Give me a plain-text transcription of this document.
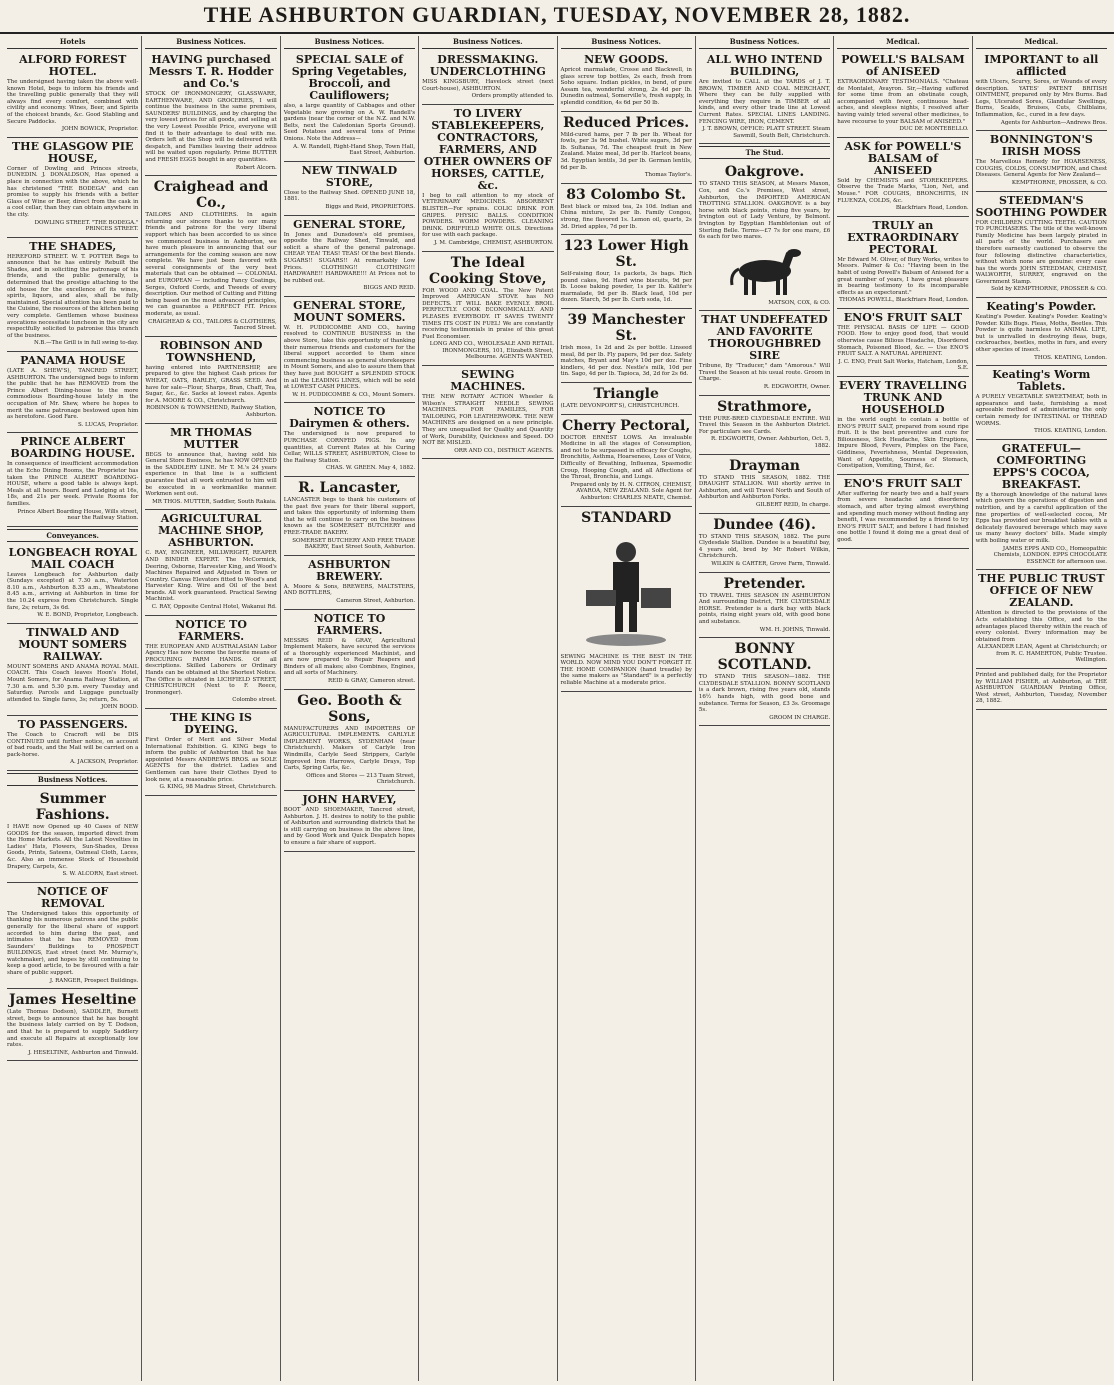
THE ASHBURTON GUARDIAN, TUESDAY, NOVEMBER 28, 1882.
Hotels
ALFORD FOREST HOTEL.

The undersigned having taken the above well-known Hotel, begs to inform his friends and the travelling public generally that they will always find every comfort, combined with civility and economy. Wines, Beer, and Spirits of the choicest brands, &c. Good Stabling and Secure Paddocks.

JOHN BOWICK, Proprietor.

THE GLASGOW PIE HOUSE,

Corner of Dowling and Princes streets, DUNEDIN. J. DONALDSON, Has opened a place in connection with the above, which he has christened "THE BODEGA" and can promise to supply his friends with a better Glass of Wine or Beer, direct from the cask in a cool cellar, than they can obtain anywhere in the city.

DOWLING STREET. "THE BODEGA." PRINCES STREET.

THE SHADES,

HEREFORD STREET. W. T. POTTER Begs to announce that he has entirely Rebuilt the Shades, and in soliciting the patronage of his friends, and the public generally, is determined that the prestige attaching to the old house for the excellence of its wines, spirits, liquors, and ales, shall be fully maintained. Special attention has been paid to the Cuisine, the resources of the kitchen being very complete. Gentlemen whose business avocations necessitate luncheon in the city are respectfully solicited to patronise this branch of the business.

N.B.—The Grill is in full swing to-day.

PANAMA HOUSE

(LATE A. SHEW'S), TANCRED STREET, ASHBURTON. The undersigned begs to inform the public that he has REMOVED from the Prince Albert Dining-house to the more commodious Boarding-house lately in the occupation of Mr. Shew, where he hopes to merit the same patronage bestowed upon him as heretofore. Good Fare.

S. LUCAS, Proprietor.

PRINCE ALBERT BOARDING HOUSE.

In consequence of insufficient accommodation at the Echo Dining Rooms, the Proprietor has taken the PRINCE ALBERT BOARDING-HOUSE, where a good table is always kept. Meals at all hours. Board and Lodging at 16s, 18s, and 21s per week. Private Rooms for families.

Prince Albert Boarding House, Wills street, near the Railway Station.

Conveyances.
LONGBEACH ROYAL MAIL COACH

Leaves Longbeach for Ashburton daily (Sundays excepted) at 7.30 a.m., Waterton 8.10 a.m., Ashburton 8.35 a.m., Wheatstone 8.45 a.m., arriving at Ashburton in time for the 10.24 express from Christchurch. Single fare, 2s; return, 3s 6d.

W. E. BOND, Proprietor, Longbeach.

TINWALD AND MOUNT SOMERS RAILWAY.

MOUNT SOMERS AND ANAMA ROYAL MAIL COACH. This Coach leaves Hoon's Hotel, Mount Somers, for Anama Railway Station, at 7.30 a.m. and 5.30 p.m. every Tuesday and Saturday. Parcels and Luggage punctually attended to. Single fares, 3s; return, 5s.

JOHN BOOD.

TO PASSENGERS.

The Coach to Cracroft will be DIS CONTINUED until further notice, on account of bad roads, and the Mail will be carried on a pack-horse.

A. JACKSON, Proprietor.

Business Notices.
Summer Fashions.

I HAVE now Opened up 40 Cases of NEW GOODS for the season, imported direct from the Home Markets. All the Latest Novelties in Ladies' Hats, Flowers, Sun-Shades, Dress Goods, Prints, Sateens, Oatmeal Cloth, Laces, &c. Also an immense Stock of Household Drapery, Carpets, &c.

S. W. ALCORN, East street.

NOTICE OF REMOVAL

The Undersigned takes this opportunity of thanking his numerous patrons and the public generally for the liberal share of support accorded to him during the past, and intimates that he has REMOVED from Saunders' Buildings to PROSPECT BUILDINGS, East street (next Mr. Murray's, watchmaker), and hopes by still continuing to keep a good article, to be favoured with a fair share of public support.

J. RANGER, Prospect Buildings.

James Heseltine

(Late Thomas Dodson), SADDLER, Burnett street, begs to announce that he has bought the business lately carried on by T. Dodson, and that he is prepared to supply Saddlery and execute all Repairs at exceptionally low rates.

J. HESELTINE, Ashburton and Tinwald.

Business Notices.
HAVING purchased Messrs T. R. Hodder and Co.'s

STOCK OF IRONMONGERY, GLASSWARE, EARTHENWARE, AND GROCERIES, I will continue the business in the same premises, SAUNDERS' BUILDINGS, and by charging the very lowest prices for all goods, and selling at the very Lowest Possible Price, everyone will find it to their advantage to deal with me. Orders left at the Shop will be delivered with despatch, and Families leaving their address will be waited upon regularly. Prime BUTTER and FRESH EGGS bought in any quantities.

Robert Alcorn.

Craighead and Co.,

TAILORS AND CLOTHIERS. In again returning our sincere thanks to our many friends and patrons for the very liberal support which has been accorded to us since we commenced business in Ashburton, we have much pleasure in announcing that our arrangements for the coming season are now complete. We have just been favored with several consignments of the very best materials that can be obtained — COLONIAL and EUROPEAN — including Fancy Coatings, Serges, Oxford Cords, and Tweeds of every description. Our method of Cutting and Fitting being based on the most advanced principles, we can guarantee a PERFECT FIT. Prices moderate, as usual.

CRAIGHEAD & CO., TAILORS & CLOTHIERS, Tancred Street.

ROBINSON AND TOWNSHEND,

having entered into PARTNERSHIP, are prepared to give the highest Cash prices for WHEAT, OATS, BARLEY, GRASS SEED. And have for sale—Flour, Sharps, Bran, Chaff, Tea, Sugar, &c., &c. Sacks at lowest rates. Agents for A. MOORE & CO., Christchurch.

ROBINSON & TOWNSHEND, Railway Station, Ashburton.

MR THOMAS MUTTER

BEGS to announce that, having sold his General Store Business, he has NOW OPENED in the SADDLERY LINE. Mr T. M.'s 24 years experience in that line is a sufficient guarantee that all work entrusted to him will be executed in a workmanlike manner. Workmen sent out.

MR THOS. MUTTER, Saddler, South Rakaia.

AGRICULTURAL MACHINE SHOP, ASHBURTON.

C. RAY, ENGINEER, MILLWRIGHT, REAPER AND BINDER EXPERT. The McCormick, Deering, Osborne, Harvester King, and Wood's Machines Repaired and Adjusted in Town or Country. Canvas Elevators fitted to Wood's and Harvester King. Wire and Oil of the best brands. All work guaranteed. Practical Sewing Machinist.

C. RAY, Opposite Central Hotel, Wakanui Rd.

NOTICE TO FARMERS.

THE EUROPEAN AND AUSTRALASIAN Labor Agency Has now become the favorite means of PROCURING FARM HANDS. Of all descriptions. Skilled Laborers or Ordinary Hands can be obtained at the Shortest Notice. The Office is situated in LICHFIELD STREET, CHRISTCHURCH (Next to F. Reece, Ironmonger).

Colombo street.

THE KING IS DYEING.

First Order of Merit and Silver Medal International Exhibition. G. KING begs to inform the public of Ashburton that he has appointed Messrs ANDREWS BROS. as SOLE AGENTS for the district. Ladies and Gentlemen can have their Clothes Dyed to look new, at a reasonable price.

G. KING, 98 Madras Street, Christchurch.

Business Notices.
SPECIAL SALE of Spring Vegetables, Broccoli, and Cauliflowers;

also, a large quantity of Cabbages and other Vegetable now growing on A. W. Randell's gardens (near the corner of the N.Z. and N.W. Belts, next the Caledonian Sports Ground). Seed Potatoes and several tons of Prime Onions. Note the Address—

A. W. Randell, Right-Hand Shop, Town Hall, East Street, Ashburton.

NEW TINWALD STORE,

Close to the Railway Shed. OPENED JUNE 18, 1881.

Biggs and Reid, PROPRIETORS.

GENERAL STORE,

In Jones and Dunsdown's old premises, opposite the Railway Shed, Tinwald, and solicit a share of the general patronage. CHEAP. YEA! TEAS! TEAS! Of the best Blends. SUGARS!! SUGARS!! At remarkably Low Prices. CLOTHING!! CLOTHING!!! HARDWARE!! HARDWARE!!! At Prices not to be rubbed out.

BIGGS AND REID.

GENERAL STORE, MOUNT SOMERS.

W. H. PUDDICOMBE AND CO., having resolved to CONTINUE BUSINESS in the above Store, take this opportunity of thanking their numerous friends and customers for the liberal support accorded to them since commencing business as general storekeepers in Mount Somers, and also to assure them that they have just BOUGHT a SPLENDID STOCK in all the LEADING LINES, which will be sold at LOWEST CASH PRICES.

W. H. PUDDICOMBE & CO., Mount Somers.

NOTICE TO Dairymen & others.

The undersigned is now prepared to PURCHASE CORNFED PIGS. In any quantities, at Current Rates at his Curing Cellar, WILLS STREET, ASHBURTON, Close to the Railway Station.

CHAS. W. GREEN. May 4, 1882.

R. Lancaster,

LANCASTER begs to thank his customers of the past five years for their liberal support, and takes this opportunity of informing them that he will continue to carry on the business known as the SOMERSET BUTCHERY and FREE-TRADE BAKERY.

SOMERSET BUTCHERY AND FREE TRADE BAKERY, East Street South, Ashburton.

ASHBURTON BREWERY.

A. Moore & Sons, BREWERS, MALTSTERS, AND BOTTLERS,

Cameron Street, Ashburton.

NOTICE TO FARMERS.

MESSRS REID & GRAY, Agricultural Implement Makers, have secured the services of a thoroughly experienced Machinist, and are now prepared to Repair Reapers and Binders of all makes; also Combines, Engines, and all sorts of Machinery.

REID & GRAY, Cameron street.

Geo. Booth & Sons,

MANUFACTURERS AND IMPORTERS OF AGRICULTURAL IMPLEMENTS. CARLYLE IMPLEMENT WORKS, SYDENHAM (near Christchurch). Makers of Carlyle Iron Windmills, Carlyle Seed Strippers, Carlyle Improved Iron Harrows, Carlyle Drays, Top Carts, Spring Carts, &c.

Offices and Stores — 213 Tuam Street, Christchurch.

JOHN HARVEY,

BOOT AND SHOEMAKER, Tancred street, Ashburton. J. H. desires to notify to the public of Ashburton and surrounding districts that he is still carrying on business in the above line, and by Good Work and Quick Despatch hopes to ensure a fair share of support.

Business Notices.
DRESSMAKING. UNDERCLOTHING

MISS KINGSBURY, Havelock street (next Court-house), ASHBURTON.

Orders promptly attended to.

TO LIVERY STABLEKEEPERS, CONTRACTORS, FARMERS, AND OTHER OWNERS OF HORSES, CATTLE, &c.

I beg to call attention to my stock of VETERINARY MEDICINES. ABSORBENT BLISTER—For sprains. COLIC DRINK FOR GRIPES. PHYSIC BALLS. CONDITION POWDERS. WORM POWDERS. CLEANING DRINK. DRIFFIELD WHITE OILS. Directions for use with each package.

J. M. Cambridge, CHEMIST, ASHBURTON.

The Ideal Cooking Stove,

FOR WOOD AND COAL. The New Patent Improved AMERICAN STOVE has NO DEFECTS. IT WILL BAKE EVENLY. BROIL PERFECTLY. COOK ECONOMICALLY. AND PLEASES EVERYBODY. IT SAVES TWENTY TIMES ITS COST IN FUEL! We are constantly receiving testimonials in praise of this great Fuel Economiser.

LONG AND CO., WHOLESALE AND RETAIL IRONMONGERS, 101, Elizabeth Street, Melbourne. AGENTS WANTED.

SEWING MACHINES.

THE NEW ROTARY ACTION Wheeler & Wilson's STRAIGHT NEEDLE SEWING MACHINES. FOR FAMILIES, FOR TAILORING, FOR LEATHERWORK. THE NEW MACHINES are designed on a new principle. They are unequalled for Quality and Quantity of Work, Durability, Quickness and Speed. DO NOT BE MISLED.

ORR AND CO., DISTRICT AGENTS.

Business Notices.
NEW GOODS.

Apricot marmalade, Crosse and Blackwell, in glass screw top bottles, 2s each, fresh from Soho square. Indian pickles, in bend, of pure Assam tea, wonderful strong, 2s 4d per lb. Dunedin oatmeal, Somerville's, fresh supply, in splendid condition, 4s 6d per 50 lb.

Reduced Prices.

Mild-cured hams, per 7 lb per lb. Wheat for fowls, per 3s 9d bushel. White sugars, 3d per lb. Sultanas, 7d. The cheapest fruit in New Zealand. Maize meal, 3d per lb. Harlcot beans, 3d. Egyptian lentils, 3d per lb. German lentils, 6d per lb.

Thomas Taylor's.

83 Colombo St.

Best black or mixed tea, 2s 10d. Indian and China mixture, 2s per lb. Family Congou, strong, fine flavored 1s. Lemon oil, quarts, 2s 3d. Dried apples, 7d per lb.

123 Lower High St.

Self-raising flour, 1s packets, 3s bags. Rich pound cakes, 9d. Hard wine biscuits, 9d per lb. Loose baking powder, 1s per lb. Kalifer's marmalade, 9d per lb. Black lead, 10d per dozen. Starch, 5d per lb. Curb soda, 1d.

39 Manchester St.

Irish moss, 1s 2d and 2s per bottle. Linseed meal, 8d per lb. Fly papers, 9d per doz. Safety matches, Bryant and May's 10d per doz. Fine kindlers, 4d per doz. Nestle's milk, 10d per tin. Sago, 4d per lb. Tapioca, 3d, 2d for 2s 6d.

Triangle

(LATE DEVONPORT'S), CHRISTCHURCH.

Cherry Pectoral,

DOCTOR ERNEST LOWS. An invaluable Medicine in all the stages of Consumption, and not to be surpassed in efficacy for Coughs, Bronchitis, Asthma, Hoarseness, Loss of Voice, Difficulty of Breathing, Influenza, Spasmodic Croup, Hooping Cough, and all Affections of the Throat, Bronchia, and Lungs.

Prepared only by H. N. CITRON, CHEMIST, AVAROA, NEW ZEALAND. Sole Agent for Ashburton: CHARLES NEATE, Chemist.

STANDARD

SEWING MACHINE IS THE BEST IN THE WORLD. NOW MIND YOU DON'T FORGET IT. THE HOME COMPANION (hand treadle) by the same makers as "Standard" is a perfectly reliable Machine at a moderate price.

Business Notices.
ALL WHO INTEND BUILDING,

Are invited to CALL at the YARDS of J. T. BROWN, TIMBER AND COAL MERCHANT, Where they can be fully supplied with everything they require in TIMBER of all kinds, and every other trade line at Lowest Current Rates. SPECIAL LINES LANDING. FENCING WIRE, IRON, CEMENT.

J. T. BROWN, OFFICE: PLATT STREET. Steam Sawmill, South Belt, Christchurch.

The Stud.
Oakgrove.

TO STAND THIS SEASON, at Messrs Maxon, Cox, and Co.'s Premises, West street, Ashburton, the IMPORTED AMERICAN TROTTING STALLION. OAKGROVE is a bay horse with black points, rising five years, by Irvington out of Lady Venture, by Belmont. Irvington by Egyptian Hambletonian out of Sterling Belle. Terms—£7 7s for one mare, £6 6s each for two mares.

MATSON, COX, & CO.

THAT UNDEFEATED AND FAVORITE THOROUGHBRED SIRE

Tribune, By "Traducer," dam "Amorous." Will Travel the Season at his usual route. Groom in Charge.

R. EDGWORTH, Owner.

Strathmore,

THE PURE-BRED CLYDESDALE ENTIRE. Will Travel this Season in the Ashburton District. For particulars see Cards.

R. EDGWORTH, Owner. Ashburton, Oct. 5, 1882.

Drayman

TO STAND THIS SEASON, 1882. THE DRAUGHT STALLION. Will shortly arrive in Ashburton, and will Travel North and South of Ashburton and Ashburton Forks.

GILBERT REID, In charge.

Dundee (46).

TO STAND THIS SEASON, 1882. The pure Clydesdale Stallion. Dundee is a beautiful bay, 4 years old, bred by Mr Robert Wilkin, Christchurch.

WILKIN & CARTER, Grove Farm, Tinwald.

Pretender.

TO TRAVEL THIS SEASON IN ASHBURTON And surrounding District, THE CLYDESDALE HORSE. Pretender is a dark bay with black points, rising eight years old, with good bone and substance.

WM. H. JOHNS, Tinwald.

BONNY SCOTLAND.

TO STAND THIS SEASON—1882. THE CLYDESDALE STALLION. BONNY SCOTLAND is a dark brown, rising five years old, stands 16½ hands high, with good bone and substance. Terms for Season, £3 3s. Groomage 5s.

GROOM IN CHARGE.

Medical.
POWELL'S BALSAM of ANISEED

EXTRAORDINARY TESTIMONIALS. "Chateau de Montalet, Avayron. Sir,—Having suffered for some time from an obstinate cough, accompanied with fever, continuous head-aches, and sleepless nights, I resolved after having vainly tried several other medicines, to have recourse to your BALSAM of ANISEED."

DUC DE MONTEBELLO.

ASK for POWELL'S BALSAM of ANISEED

Sold by CHEMISTS and STOREKEEPERS. Observe the Trade Marks, "Lion, Net, and Mouse." FOR COUGHS, BRONCHITIS, IN FLUENZA, COLDS, &c.

Blackfriars Road, London.

TRULY an EXTRAORDINARY PECTORAL

Mr Edward M. Oliver, of Bury Works, writes to Messrs. Palmer & Co.: "Having been in the habit of using Powell's Balsam of Aniseed for a great number of years, I have great pleasure in bearing testimony to its incomparable effects as an expectorant."

THOMAS POWELL, Blackfriars Road, London.

ENO'S FRUIT SALT

THE PHYSICAL BASIS OF LIFE — GOOD FOOD. How to enjoy good food, that would otherwise cause Bilious Headache, Disordered Stomach, Poisoned Blood, &c. — Use ENO'S FRUIT SALT. A NATURAL APERIENT.

J. C. ENO, Fruit Salt Works, Hatcham, London, S.E.

EVERY TRAVELLING TRUNK AND HOUSEHOLD

in the world ought to contain a bottle of ENO'S FRUIT SALT, prepared from sound ripe fruit. It is the best preventive and cure for Biliousness, Sick Headache, Skin Eruptions, Impure Blood, Fevers, Pimples on the Face, Giddiness, Feverishness, Mental Depression, Want of Appetite, Sourness of Stomach, Constipation, Vomiting, Thirst, &c.

ENO'S FRUIT SALT

After suffering for nearly two and a half years from severe headache and disordered stomach, and after trying almost everything and spending much money without finding any benefit, I was recommended by a friend to try ENO'S FRUIT SALT, and before I had finished one bottle I found it doing me a great deal of good.

Medical.
IMPORTANT to all afflicted

with Ulcers, Scurvy, Sores, or Wounds of every description. YATES' PATENT BRITISH OINTMENT, prepared only by Mrs Burns. Bad Legs, Ulcerated Sores, Glandular Swellings, Burns, Scalds, Bruises, Cuts, Chilblains, Inflammation, &c., cured in a few days.

Agents for Ashburton—Andrews Bros.

BONNINGTON'S IRISH MOSS

The Marvellous Remedy for HOARSENESS, COUGHS, COLDS, CONSUMPTION, and Chest Diseases. General Agents for New Zealand—

KEMPTHORNE, PROSSER, & CO.

STEEDMAN'S SOOTHING POWDER

FOR CHILDREN CUTTING TEETH. CAUTION TO PURCHASERS. The title of the well-known Family Medicine has been largely pirated in all parts of the world. Purchasers are therefore earnestly cautioned to observe the four following distinctive characteristics, without which none are genuine: every case has the words JOHN STEEDMAN, CHEMIST, WALWORTH, SURREY, engraved on the Government Stamp.

Sold by KEMPTHORNE, PROSSER & CO.

Keating's Powder.

Keating's Powder. Keating's Powder. Keating's Powder. Kills Bugs. Fleas, Moths, Beetles. This Powder is quite harmless to ANIMAL LIFE, but is unrivalled in destroying fleas, bugs, cockroaches, beetles, moths in furs, and every other species of insect.

THOS. KEATING, London.

Keating's Worm Tablets.

A PURELY VEGETABLE SWEETMEAT, both in appearance and taste, furnishing a most agreeable method of administering the only certain remedy for INTESTINAL or THREAD WORMS.

THOS. KEATING, London.

GRATEFUL—COMFORTING EPPS'S COCOA, BREAKFAST.

By a thorough knowledge of the natural laws which govern the operations of digestion and nutrition, and by a careful application of the fine properties of well-selected cocoa, Mr Epps has provided our breakfast tables with a delicately flavoured beverage which may save us many heavy doctors' bills. Made simply with boiling water or milk.

JAMES EPPS AND CO., Homeopathic Chemists, LONDON. EPPS CHOCOLATE ESSENCE for afternoon use.

THE PUBLIC TRUST OFFICE OF NEW ZEALAND.

Attention is directed to the provisions of the Acts establishing this Office, and to the advantages placed thereby within the reach of every colonist. Every information may be obtained from

ALEXANDER LEAN, Agent at Christchurch; or from R. C. HAMERTON, Public Trustee. Wellington.

Printed and published daily, for the Proprietor by WILLIAM FISHER, at Ashburton, at THE ASHBURTON GUARDIAN Printing Office, West street, Ashburton, Tuesday, November 28, 1882.
